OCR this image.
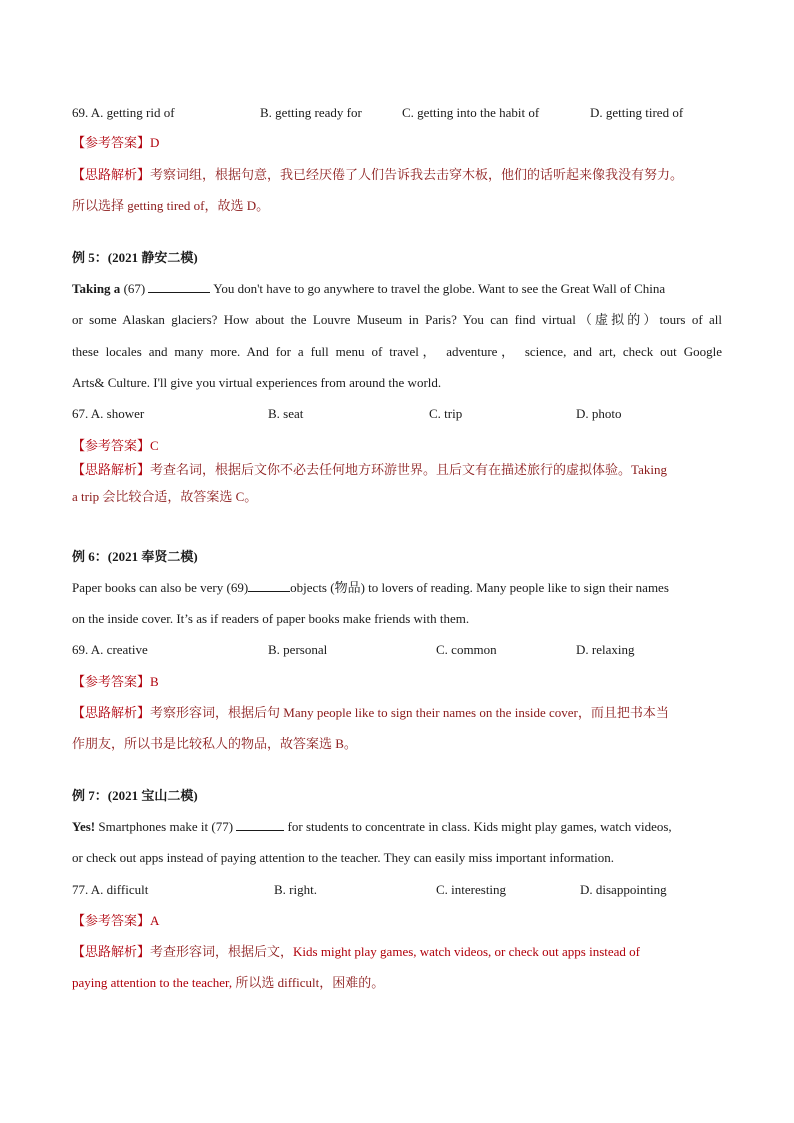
69. A. getting rid of	B. getting ready for	C. getting into the habit of	D. getting tired of
【参考答案】D
【思路解析】考察词组，根据句意，我已经厌倦了人们告诉我去击穿木板，他们的话听起来像我没有努力。
所以选择 getting tired of，故选 D。
例 5：(2021 静安二模)
Taking a (67)	You don't have to go anywhere to travel the globe. Want to see the Great Wall of China
or some Alaskan glaciers? How about the Louvre Museum in Paris? You can find virtual（虚拟的）tours of all
these locales and many more. And for a full menu of travel， adventure， science, and art, check out Google
Arts& Culture. I'll give you virtual experiences from around the world.
67. A. shower	B. seat	C. trip	D. photo
【参考答案】C
【思路解析】考查名词，根据后文你不必去任何地方环游世界。且后文有在描述旅行的虚拟体验。Taking
a trip 会比较合适，故答案选 C。
例 6：(2021 奉贤二模)
Paper books can also be very (69)	objects (物品) to lovers of reading. Many people like to sign their names
on the inside cover. It’s as if readers of paper books make friends with them.
69. A. creative	B. personal	C. common	D. relaxing
【参考答案】B
【思路解析】考察形容词，根据后句 Many people like to sign their names on the inside cover，而且把书本当
作朋友，所以书是比较私人的物品，故答案选 B。
例 7：(2021 宝山二模)
Yes! Smartphones make it (77)	for students to concentrate in class. Kids might play games, watch videos,
or check out apps instead of paying attention to the teacher. They can easily miss important information.
77. A. difficult	B. right.	C. interesting	D. disappointing
【参考答案】A
【思路解析】考查形容词，根据后文，Kids might play games, watch videos, or check out apps instead of
paying attention to the teacher, 所以选 difficult，困难的。
